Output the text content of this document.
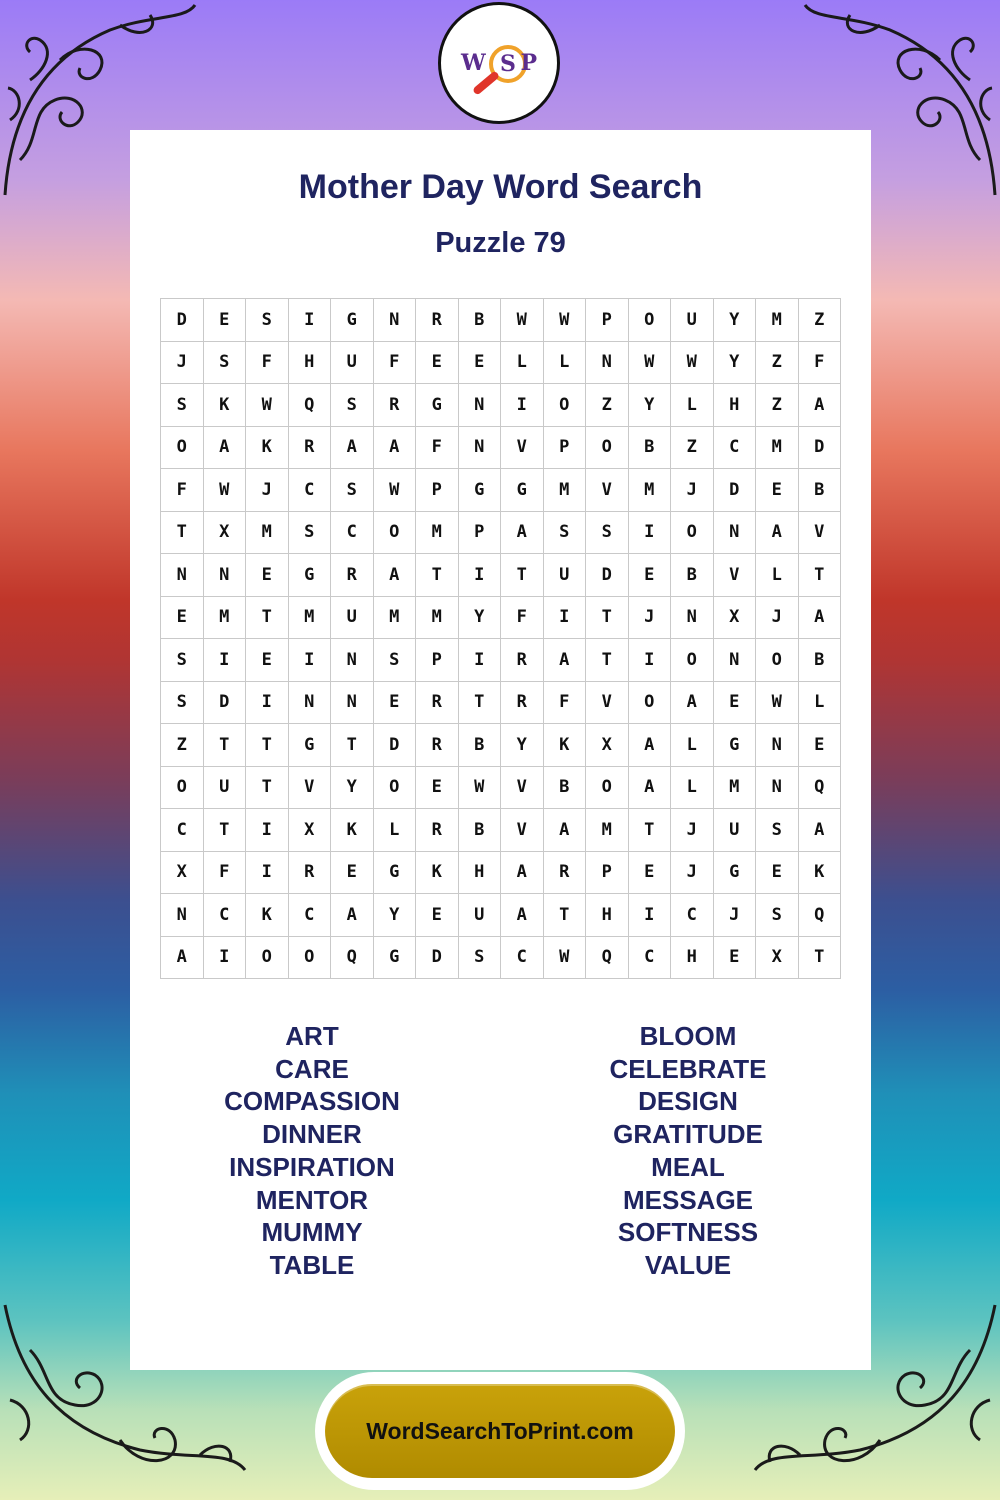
W S P
Mother Day Word Search
Puzzle 79
D	E	S	I	G	N	R	B	W	W	P	O	U	Y	M	Z
J	S	F	H	U	F	E	E	L	L	N	W	W	Y	Z	F
S	K	W	Q	S	R	G	N	I	O	Z	Y	L	H	Z	A
O	A	K	R	A	A	F	N	V	P	O	B	Z	C	M	D
F	W	J	C	S	W	P	G	G	M	V	M	J	D	E	B
T	X	M	S	C	O	M	P	A	S	S	I	O	N	A	V
N	N	E	G	R	A	T	I	T	U	D	E	B	V	L	T
E	M	T	M	U	M	M	Y	F	I	T	J	N	X	J	A
S	I	E	I	N	S	P	I	R	A	T	I	O	N	O	B
S	D	I	N	N	E	R	T	R	F	V	O	A	E	W	L
Z	T	T	G	T	D	R	B	Y	K	X	A	L	G	N	E
O	U	T	V	Y	O	E	W	V	B	O	A	L	M	N	Q
C	T	I	X	K	L	R	B	V	A	M	T	J	U	S	A
X	F	I	R	E	G	K	H	A	R	P	E	J	G	E	K
N	C	K	C	A	Y	E	U	A	T	H	I	C	J	S	Q
A	I	O	O	Q	G	D	S	C	W	Q	C	H	E	X	T
ART
CARE
COMPASSION
DINNER
INSPIRATION
MENTOR
MUMMY
TABLE
BLOOM
CELEBRATE
DESIGN
GRATITUDE
MEAL
MESSAGE
SOFTNESS
VALUE
WordSearchToPrint.com
